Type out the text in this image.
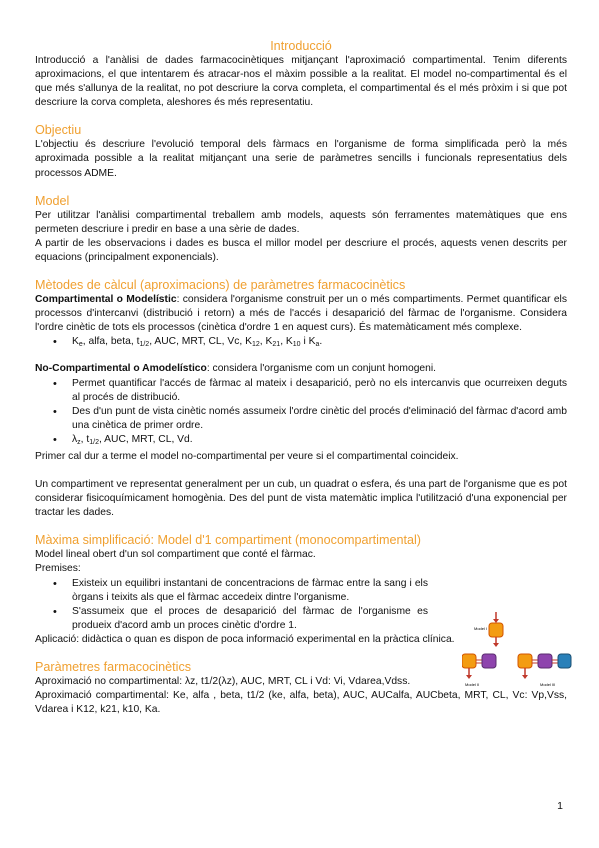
Introducció

Introducció a l'anàlisi de dades farmacocinètiques mitjançant l'aproximació compartimental. Tenim diferents aproximacions, el que intentarem és atracar-nos el màxim possible a la realitat. El model no-compartimental és el que més s'allunya de la realitat, no pot descriure la corva completa, el compartimental és el més pròxim i si que pot descriure la corva completa, aleshores és més representatiu.

Objectiu

L'objectiu és descriure l'evolució temporal dels fàrmacs en l'organisme de forma simplificada però la més aproximada possible a la realitat mitjançant una serie de paràmetres sencills i funcionals representatius dels processos ADME.

Model

Per utilitzar l'anàlisi compartimental treballem amb models, aquests són ferramentes matemàtiques que ens permeten descriure i predir en base a una sèrie de dades.

A partir de les observacions i dades es busca el millor model per descriure el procés, aquests venen descrits per equacions (principalment exponencials).

Mètodes de càlcul (aproximacions) de paràmetres farmacocinètics

Compartimental o Modelístic: considera l'organisme construit per un o més compartiments. Permet quantificar els processos d'intercanvi (distribució i retorn) a més de l'accés i desaparició del fàrmac de l'organisme. Considera l'ordre cinètic de tots els processos (cinètica d'ordre 1 en aquest curs). És matemàticament més complexe.

• $K_e$, alfa, beta, $t_{1/2}$, AUC, MRT, CL, Vc, $K_{12}$, $K_{21}$, $K_{10}$ i $K_a$.

No-Compartimental o Amodelístico: considera l'organisme com un conjunt homogeni.

• Permet quantificar l'accés de fàrmac al mateix i desaparició, però no els intercanvis que ocurreixen deguts al procés de distribució.
• Des d'un punt de vista cinètic només assumeix l'ordre cinètic del procés d'eliminació del fàrmac d'acord amb una cinètica de primer ordre.
• $\lambda_z$, $t_{1/2}$, AUC, MRT, CL, Vd.

Primer cal dur a terme el model no-compartimental per veure si el compartimental coincideix.

Un compartiment ve representat generalment per un cub, un quadrat o esfera, és una part de l'organisme que es pot considerar fisicoquímicament homogènia. Des del punt de vista matemàtic implica l'utilització d'una exponencial per tractar les dades.

Màxima simplificació: Model d'1 compartiment (monocompartimental)

Model lineal obert d'un sol compartiment que conté el fàrmac.

Premises:

• Existeix un equilibri instantani de concentracions de fàrmac entre la sang i els òrgans i teixits als que el fàrmac accedeix dintre l'organisme.
• S'assumeix que el proces de desaparició del fàrmac de l'organisme es produeix d'acord amb un proces cinètic d'ordre 1.

Aplicació: didàctica o quan es dispon de poca informació experimental en la pràctica clínica.

Paràmetres farmacocinètics

Aproximació no compartimental: λz, t1/2(λz), AUC, MRT, CL i Vd: Vi, Vdarea,Vdss.

Aproximació compartimental: Ke, alfa , beta, t1/2 (ke, alfa, beta), AUC, AUCalfa, AUCbeta, MRT, CL, Vc: Vp,Vss, Vdarea i K12, k21, k10, Ka.

Model I
Model II	Model III
1
